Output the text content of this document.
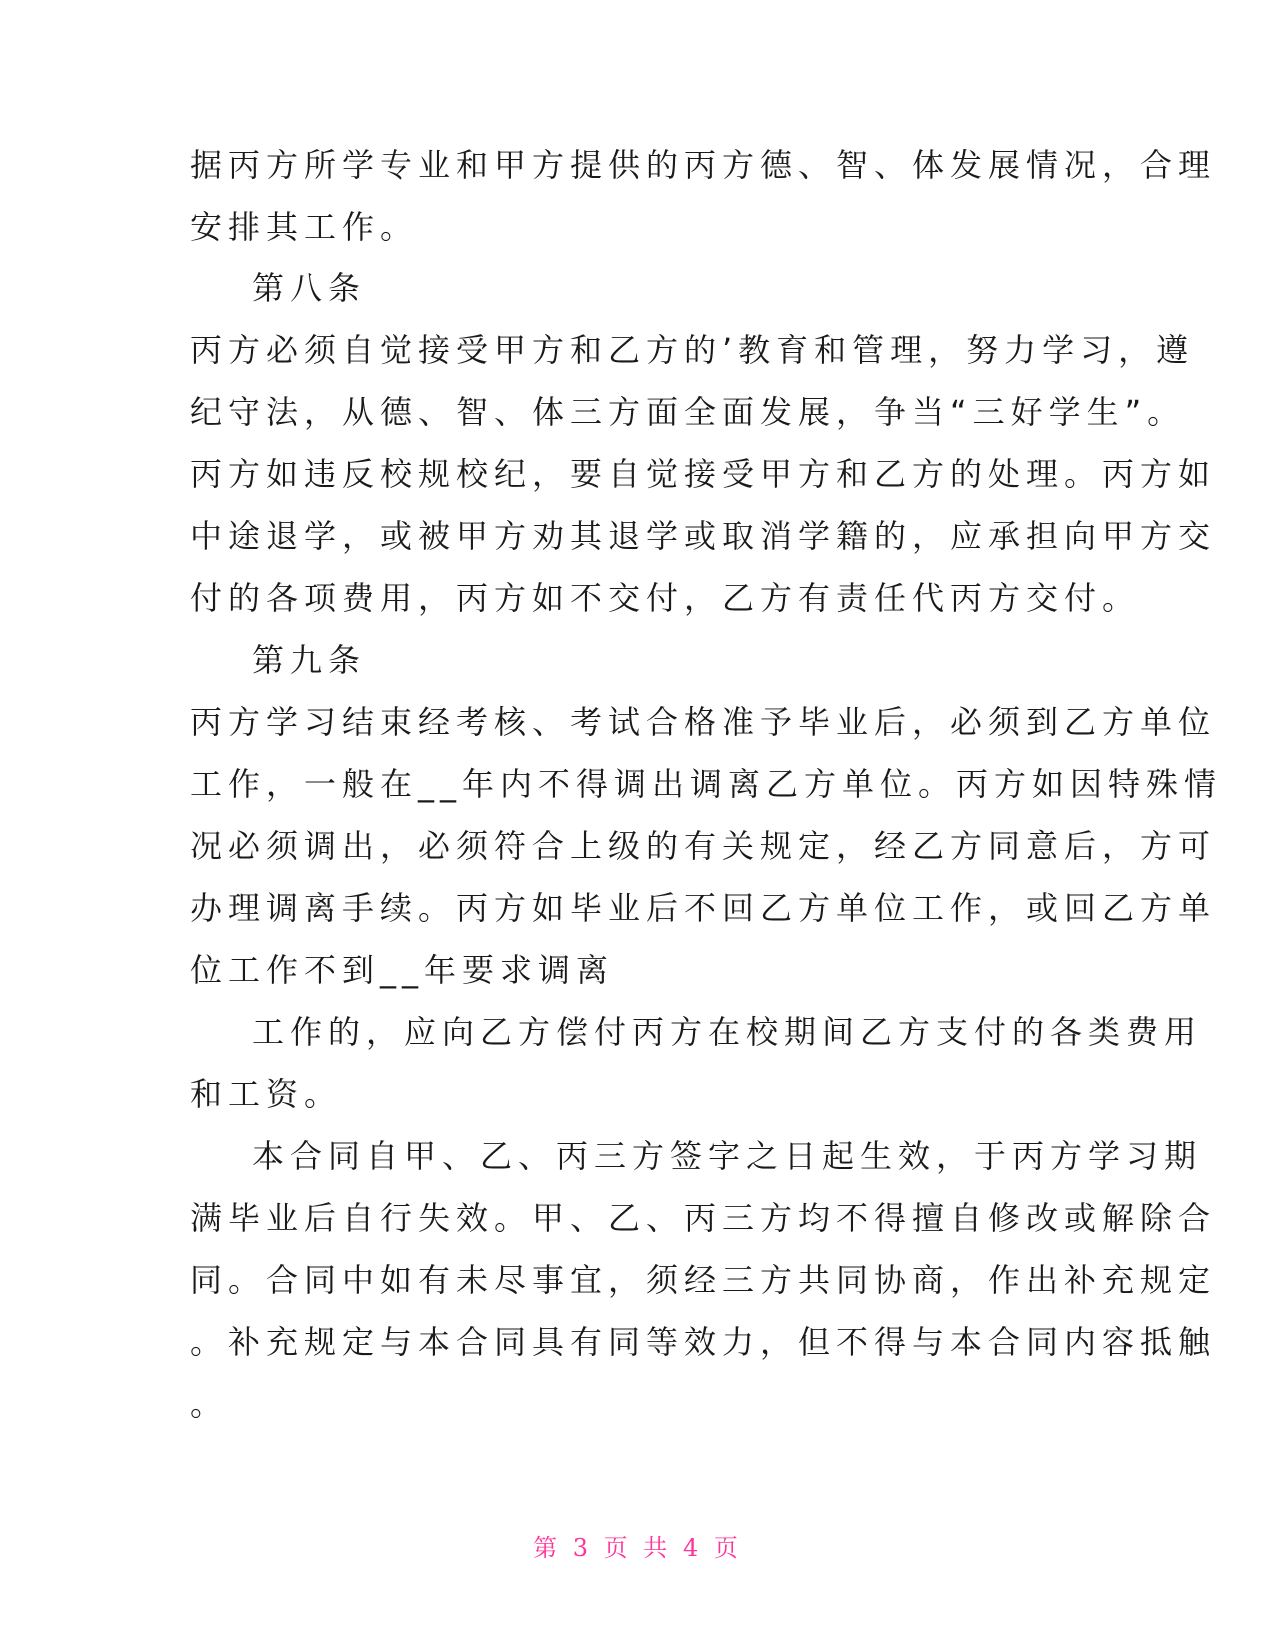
据丙方所学专业和甲方提供的丙方德、智、体发展情况，合理
安排其工作。
第八条
丙方必须自觉接受甲方和乙方的’教育和管理，努力学习，遵
纪守法，从德、智、体三方面全面发展，争当“三好学生”。
丙方如违反校规校纪，要自觉接受甲方和乙方的处理。丙方如
中途退学，或被甲方劝其退学或取消学籍的，应承担向甲方交
付的各项费用，丙方如不交付，乙方有责任代丙方交付。
第九条
丙方学习结束经考核、考试合格准予毕业后，必须到乙方单位
工作，一般在__年内不得调出调离乙方单位。丙方如因特殊情
况必须调出，必须符合上级的有关规定，经乙方同意后，方可
办理调离手续。丙方如毕业后不回乙方单位工作，或回乙方单
位工作不到__年要求调离
工作的，应向乙方偿付丙方在校期间乙方支付的各类费用
和工资。
本合同自甲、乙、丙三方签字之日起生效，于丙方学习期
满毕业后自行失效。甲、乙、丙三方均不得擅自修改或解除合
同。合同中如有未尽事宜，须经三方共同协商，作出补充规定
。补充规定与本合同具有同等效力，但不得与本合同内容抵触
。
第 3 页 共 4 页
